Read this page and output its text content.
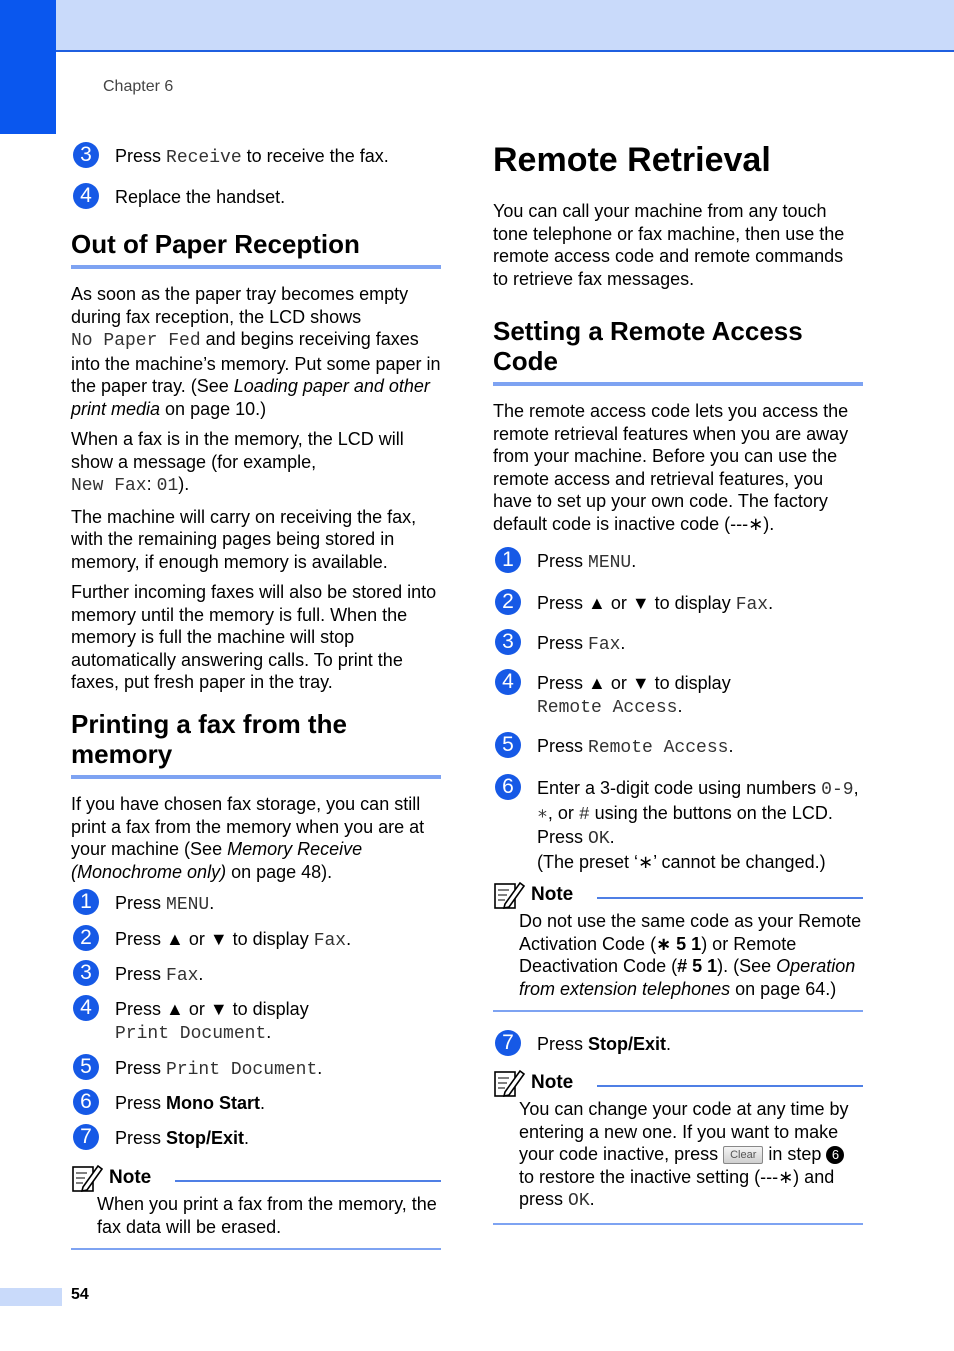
Chapter 6
54
3	Press Receive to receive the fax.
4	Replace the handset.
Out of Paper Reception

As soon as the paper tray becomes empty during fax reception, the LCD shows
No Paper Fed and begins receiving faxes into the machine’s memory. Put some paper in the paper tray. (See Loading paper and other print media on page 10.)

When a fax is in the memory, the LCD will show a message (for example,
New Fax: 01).

The machine will carry on receiving the fax, with the remaining pages being stored in memory, if enough memory is available.

Further incoming faxes will also be stored into memory until the memory is full. When the memory is full the machine will stop automatically answering calls. To print the faxes, put fresh paper in the tray.

Printing a fax from the memory

If you have chosen fax storage, you can still print a fax from the memory when you are at your machine (See Memory Receive (Monochrome only) on page 48).

1	Press MENU.
2	Press ▲ or ▼ to display Fax.
3	Press Fax.
4	Press ▲ or ▼ to display
Print Document.
5	Press Print Document.
6	Press Mono Start.
7	Press Stop/Exit.
Note
When you print a fax from the memory, the fax data will be erased.
Remote Retrieval

You can call your machine from any touch tone telephone or fax machine, then use the remote access code and remote commands to retrieve fax messages.

Setting a Remote Access Code

The remote access code lets you access the remote retrieval features when you are away from your machine. Before you can use the remote access and retrieval features, you have to set up your own code. The factory default code is inactive code (---∗).

1	Press MENU.
2	Press ▲ or ▼ to display Fax.
3	Press Fax.
4	Press ▲ or ▼ to display
Remote Access.
5	Press Remote Access.
6	Enter a 3-digit code using numbers 0-9,
∗, or # using the buttons on the LCD.
Press OK.
(The preset ‘∗’ cannot be changed.)
Note
Do not use the same code as your Remote Activation Code (∗ 5 1) or Remote Deactivation Code (# 5 1). (See Operation from extension telephones on page 64.)
7	Press Stop/Exit.
Note
You can change your code at any time by entering a new one. If you want to make your code inactive, press Clear in step 6 to restore the inactive setting (---∗) and press OK.
